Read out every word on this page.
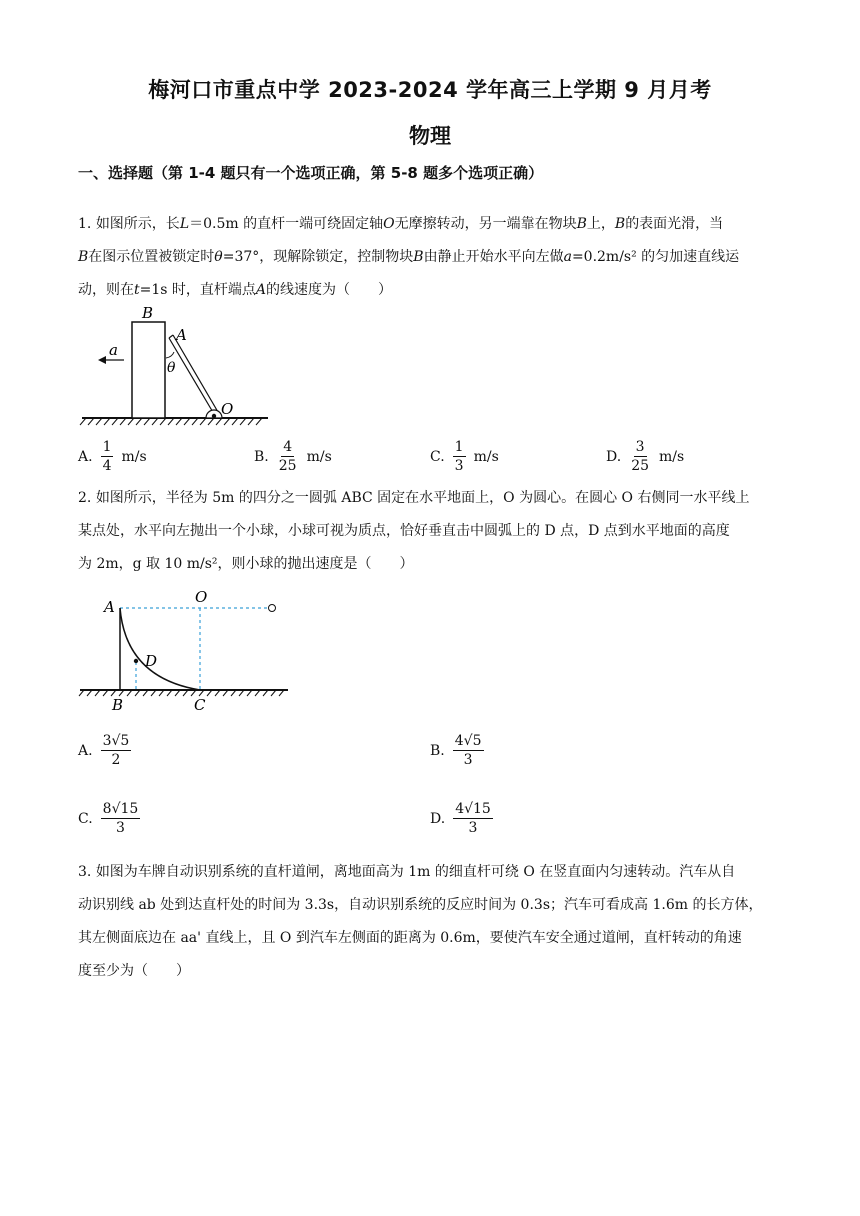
梅河口市重点中学 2023-2024 学年高三上学期 9 月月考
物理
一、选择题（第 1-4 题只有一个选项正确，第 5-8 题多个选项正确）
1. 如图所示，长L＝0.5m 的直杆一端可绕固定轴O无摩擦转动，另一端靠在物块B上，B的表面光滑，当
B在图示位置被锁定时θ=37°，现解除锁定，控制物块B由静止开始水平向左做a=0.2m/s² 的匀加速直线运
动，则在t=1s 时，直杆端点A的线速度为（　　）
a
B
A
θ
O
A. $\frac{1}{4} m/s$	B. $\frac{4}{25} m/s$	C. $\frac{1}{3} m/s$	D. $\frac{3}{25} m/s$
2. 如图所示，半径为 5m 的四分之一圆弧 ABC 固定在水平地面上，O 为圆心。在圆心 O 右侧同一水平线上
某点处，水平向左抛出一个小球，小球可视为质点，恰好垂直击中圆弧上的 D 点，D 点到水平地面的高度
为 2m，g 取 10 m/s²，则小球的抛出速度是（　　）
A
O
D
B	C
A. $\frac{3√5}{2}$	B. $\frac{4√5}{3}$
C. $\frac{8√15}{3}$	D. $\frac{4√15}{3}$
3. 如图为车牌自动识别系统的直杆道闸，离地面高为 1m 的细直杆可绕 O 在竖直面内匀速转动。汽车从自
动识别线 ab 处到达直杆处的时间为 3.3s，自动识别系统的反应时间为 0.3s；汽车可看成高 1.6m 的长方体，
其左侧面底边在 aa' 直线上，且 O 到汽车左侧面的距离为 0.6m，要使汽车安全通过道闸，直杆转动的角速
度至少为（　　）
